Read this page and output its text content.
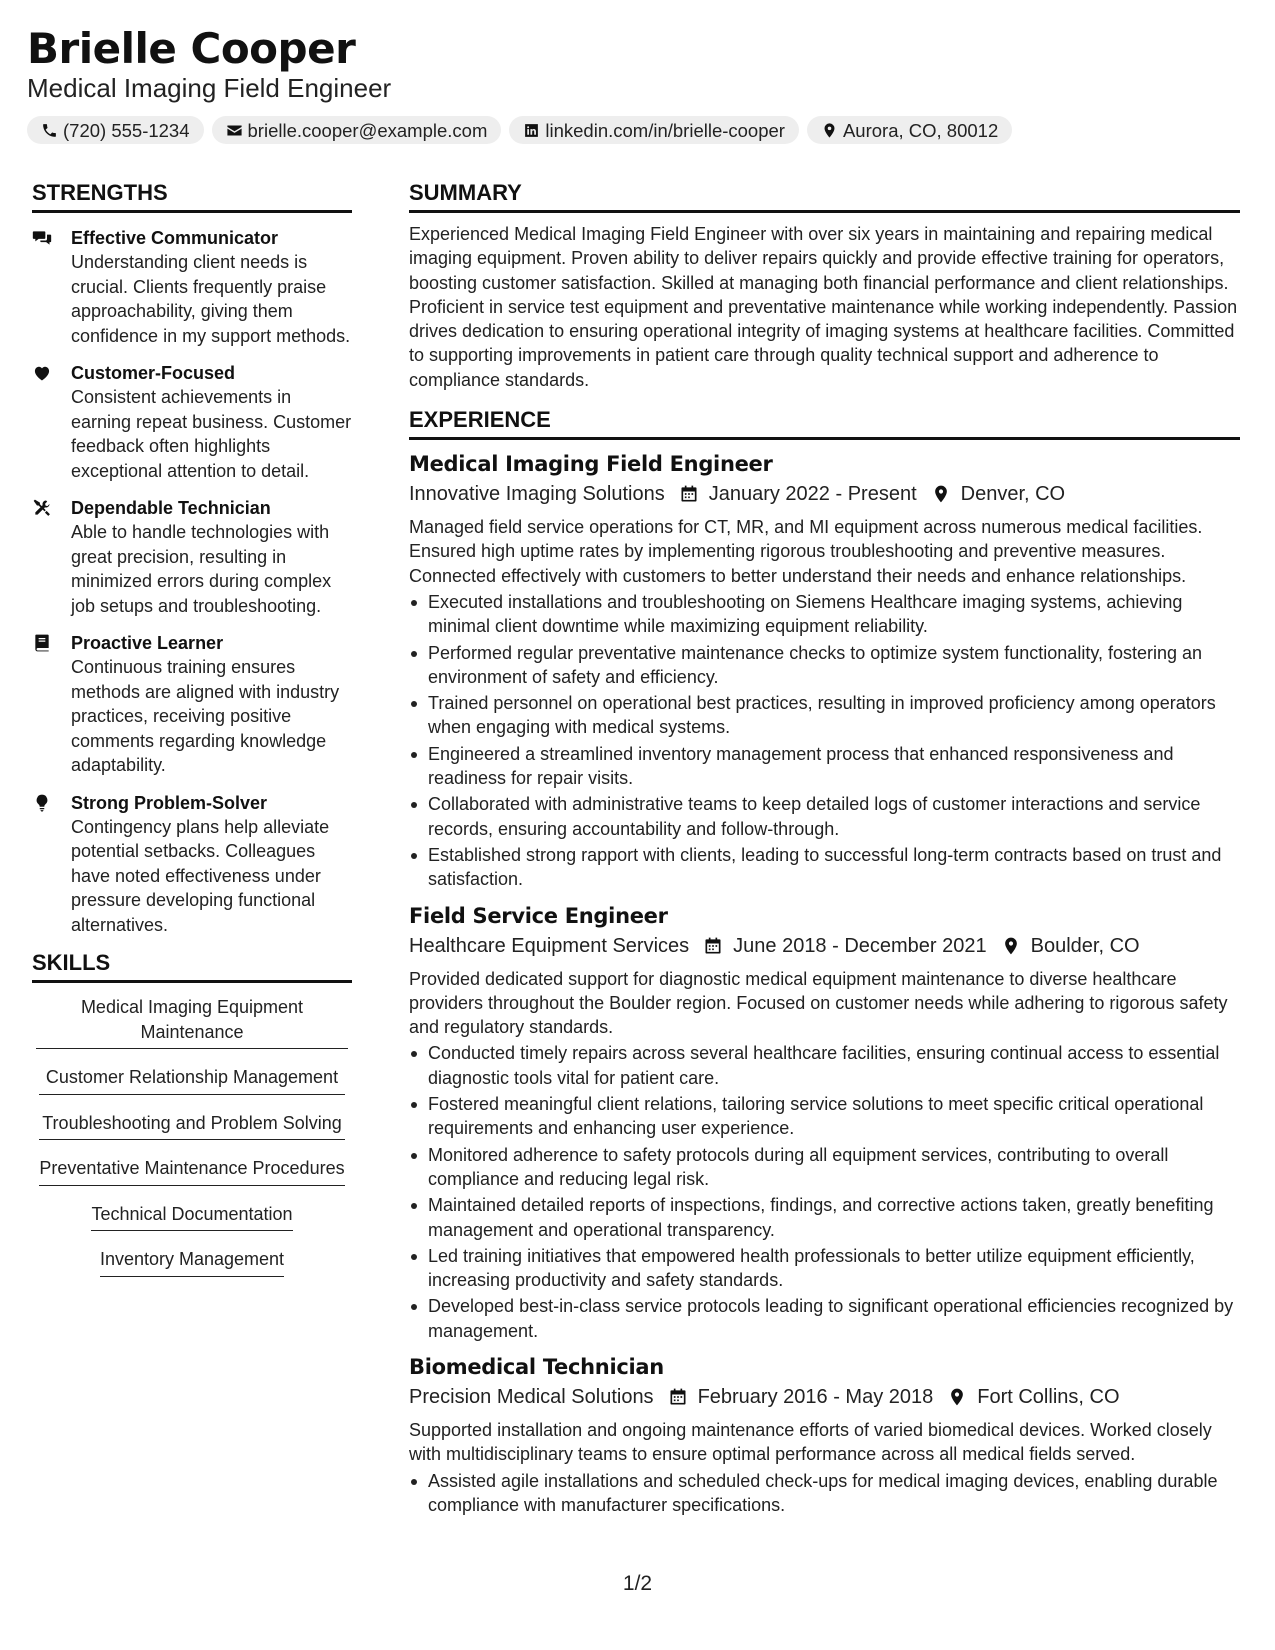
Brielle Cooper
Medical Imaging Field Engineer
(720) 555-1234	brielle.cooper@example.com	linkedin.com/in/brielle-cooper	Aurora, CO, 80012
STRENGTHS
Effective Communicator
Understanding client needs is crucial. Clients frequently praise approachability, giving them confidence in my support methods.
Customer-Focused
Consistent achievements in earning repeat business. Customer feedback often highlights exceptional attention to detail.
Dependable Technician
Able to handle technologies with great precision, resulting in minimized errors during complex job setups and troubleshooting.
Proactive Learner
Continuous training ensures methods are aligned with industry practices, receiving positive comments regarding knowledge adaptability.
Strong Problem-Solver
Contingency plans help alleviate potential setbacks. Colleagues have noted effectiveness under pressure developing functional alternatives.
SKILLS
Medical Imaging Equipment Maintenance
Customer Relationship Management
Troubleshooting and Problem Solving
Preventative Maintenance Procedures
Technical Documentation
Inventory Management
SUMMARY
Experienced Medical Imaging Field Engineer with over six years in maintaining and repairing medical imaging equipment. Proven ability to deliver repairs quickly and provide effective training for operators, boosting customer satisfaction. Skilled at managing both financial performance and client relationships. Proficient in service test equipment and preventative maintenance while working independently. Passion drives dedication to ensuring operational integrity of imaging systems at healthcare facilities. Committed to supporting improvements in patient care through quality technical support and adherence to compliance standards.
EXPERIENCE
Medical Imaging Field Engineer
Innovative Imaging Solutions January 2022 - Present Denver, CO
Managed field service operations for CT, MR, and MI equipment across numerous medical facilities. Ensured high uptime rates by implementing rigorous troubleshooting and preventive measures. Connected effectively with customers to better understand their needs and enhance relationships.
Executed installations and troubleshooting on Siemens Healthcare imaging systems, achieving minimal client downtime while maximizing equipment reliability.
Performed regular preventative maintenance checks to optimize system functionality, fostering an environment of safety and efficiency.
Trained personnel on operational best practices, resulting in improved proficiency among operators when engaging with medical systems.
Engineered a streamlined inventory management process that enhanced responsiveness and readiness for repair visits.
Collaborated with administrative teams to keep detailed logs of customer interactions and service records, ensuring accountability and follow-through.
Established strong rapport with clients, leading to successful long-term contracts based on trust and satisfaction.
Field Service Engineer
Healthcare Equipment Services June 2018 - December 2021 Boulder, CO
Provided dedicated support for diagnostic medical equipment maintenance to diverse healthcare providers throughout the Boulder region. Focused on customer needs while adhering to rigorous safety and regulatory standards.
Conducted timely repairs across several healthcare facilities, ensuring continual access to essential diagnostic tools vital for patient care.
Fostered meaningful client relations, tailoring service solutions to meet specific critical operational requirements and enhancing user experience.
Monitored adherence to safety protocols during all equipment services, contributing to overall compliance and reducing legal risk.
Maintained detailed reports of inspections, findings, and corrective actions taken, greatly benefiting management and operational transparency.
Led training initiatives that empowered health professionals to better utilize equipment efficiently, increasing productivity and safety standards.
Developed best-in-class service protocols leading to significant operational efficiencies recognized by management.
Biomedical Technician
Precision Medical Solutions February 2016 - May 2018 Fort Collins, CO
Supported installation and ongoing maintenance efforts of varied biomedical devices. Worked closely with multidisciplinary teams to ensure optimal performance across all medical fields served.
Assisted agile installations and scheduled check-ups for medical imaging devices, enabling durable compliance with manufacturer specifications.
1/2
